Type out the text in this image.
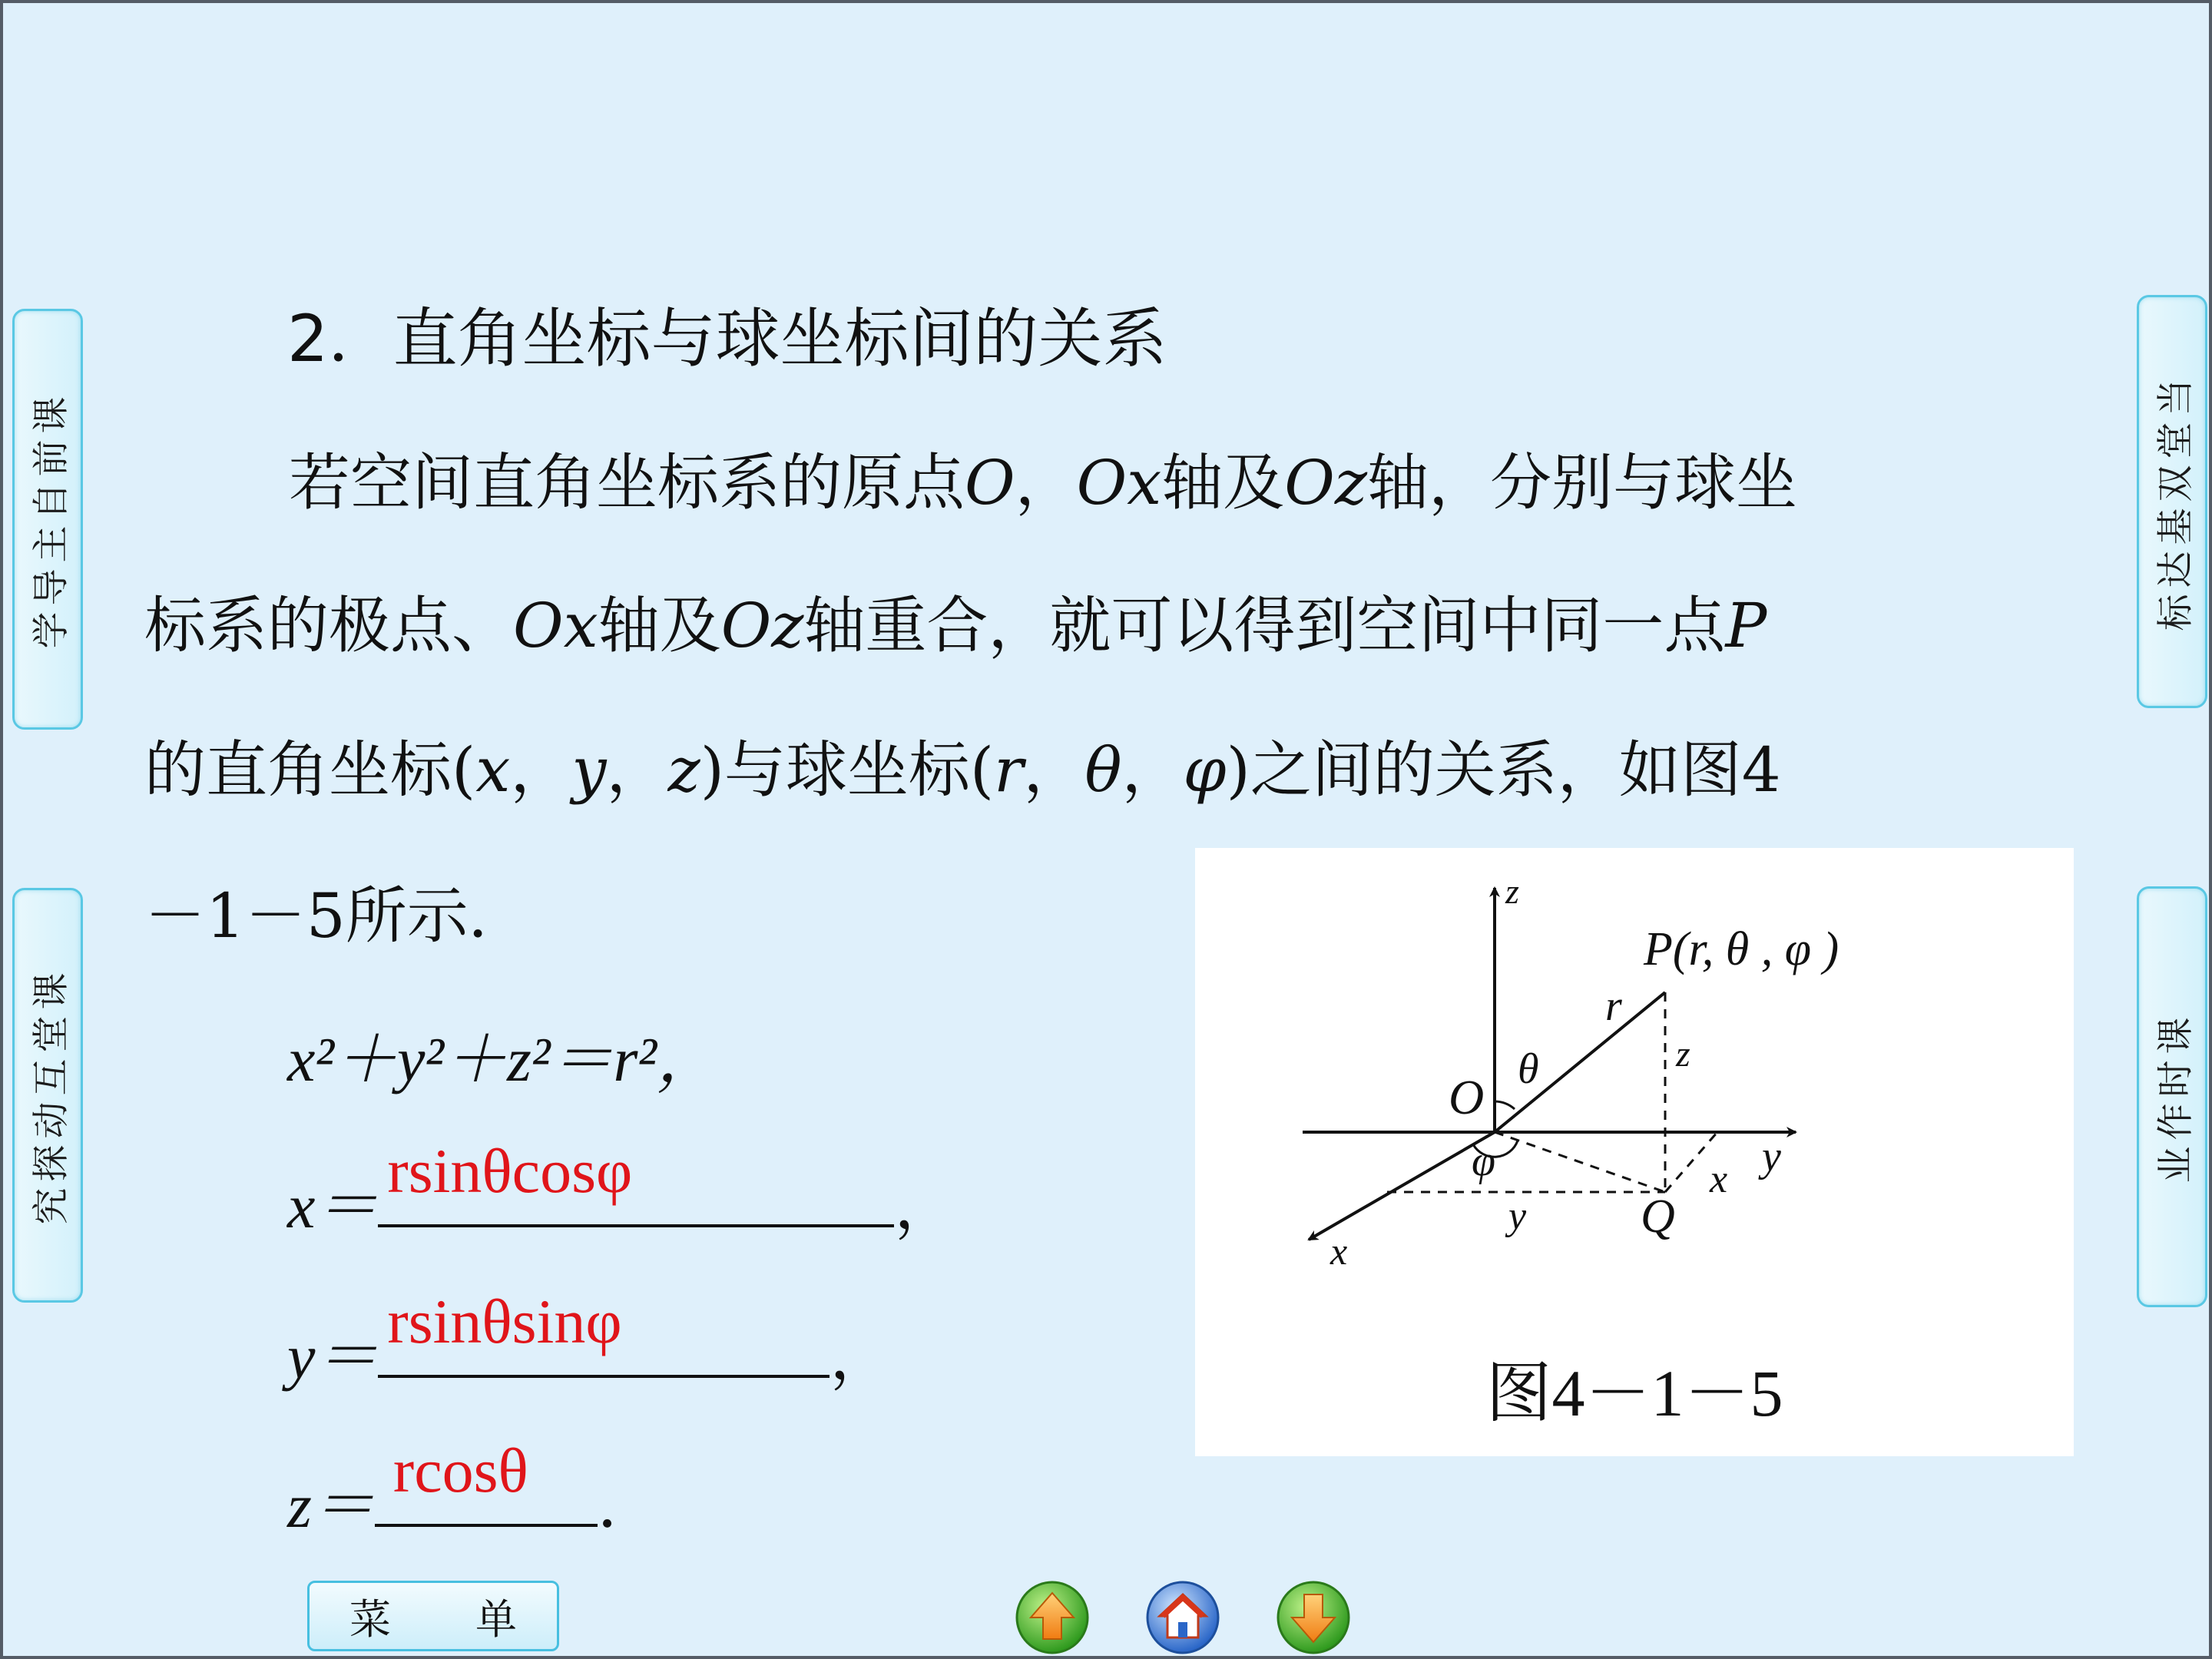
学导主自前课
究探动互堂课
标达基双堂当
业作时课
2．直角坐标与球坐标间的关系
若空间直角坐标系的原点O，Ox轴及Oz轴，分别与球坐
标系的极点、Ox轴及Oz轴重合，就可以得到空间中同一点P
的直角坐标(x，y，z)与球坐标(r，θ，φ)之间的关系，如图4
－1－5所示．
x²＋y²＋z²＝r²，
x＝
rsinθcosφ
，
y＝
rsinθsinφ
，
z＝
rcosθ
．
z
y
x
O
P(r, θ , φ )
r
θ
φ
z
x
y Q
图4－1－5
菜单
